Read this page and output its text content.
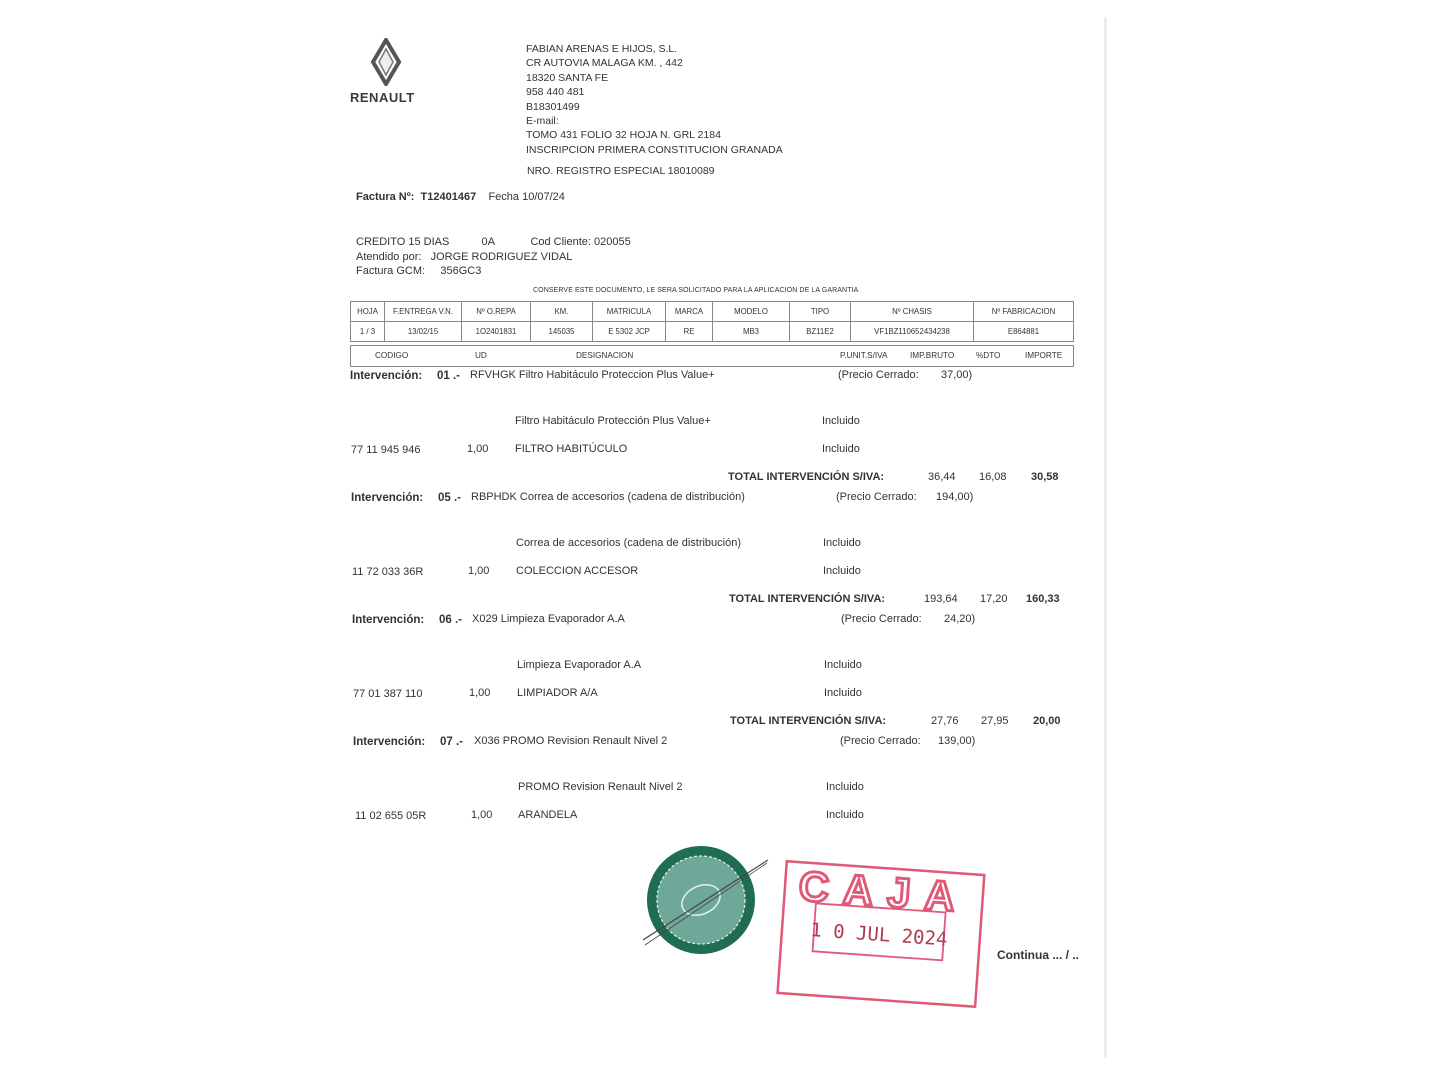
RENAULT
FABIAN ARENAS E HIJOS, S.L.
CR AUTOVIA MALAGA KM. , 442
18320 SANTA FE
958 440 481
B18301499
E-mail:
TOMO 431 FOLIO 32 HOJA N. GRL 2184
INSCRIPCION PRIMERA CONSTITUCION GRANADA
NRO. REGISTRO ESPECIAL 18010089
Factura Nº: T12401467 Fecha 10/07/24
CREDITO 15 DIAS	0A	Cod Cliente: 020055
Atendido por: JORGE RODRIGUEZ VIDAL
Factura GCM: 356GC3
CONSERVE ESTE DOCUMENTO, LE SERA SOLICITADO PARA LA APLICACION DE LA GARANTIA
HOJA	F.ENTREGA V.N.	Nº O.REPA	KM.	MATRICULA	MARCA	MODELO	TIPO	Nº CHASIS	Nº FABRICACION
1 / 3	13/02/15	1O2401831	145035	E 5302 JCP	RE	MB3	BZ11E2	VF1BZ110652434238	E864881
CODIGO	UD	DESIGNACION	P.UNIT.S/IVA	IMP.BRUTO	%DTO	IMPORTE
Intervención: 01 .- RFVHGK Filtro Habitáculo Proteccion Plus Value+	(Precio Cerrado: 37,00)
Filtro Habitáculo Protección Plus Value+	Incluido
77 11 945 946	1,00 FILTRO HABITÚCULO	Incluido
TOTAL INTERVENCIÓN S/IVA:	36,44 16,08 30,58
Intervención: 05 .- RBPHDK Correa de accesorios (cadena de distribución)	(Precio Cerrado: 194,00)
Correa de accesorios (cadena de distribución)	Incluido
11 72 033 36R	1,00 COLECCION ACCESOR	Incluido
TOTAL INTERVENCIÓN S/IVA:	193,64 17,20 160,33
Intervención: 06 .- X029 Limpieza Evaporador A.A	(Precio Cerrado: 24,20)
Limpieza Evaporador A.A	Incluido
77 01 387 110	1,00 LIMPIADOR A/A	Incluido
TOTAL INTERVENCIÓN S/IVA:	27,76 27,95 20,00
Intervención: 07 .- X036 PROMO Revision Renault Nivel 2	(Precio Cerrado: 139,00)
PROMO Revision Renault Nivel 2	Incluido
11 02 655 05R	1,00 ARANDELA	Incluido
CAJA
1 0 JUL 2024
Continua ... / ..
